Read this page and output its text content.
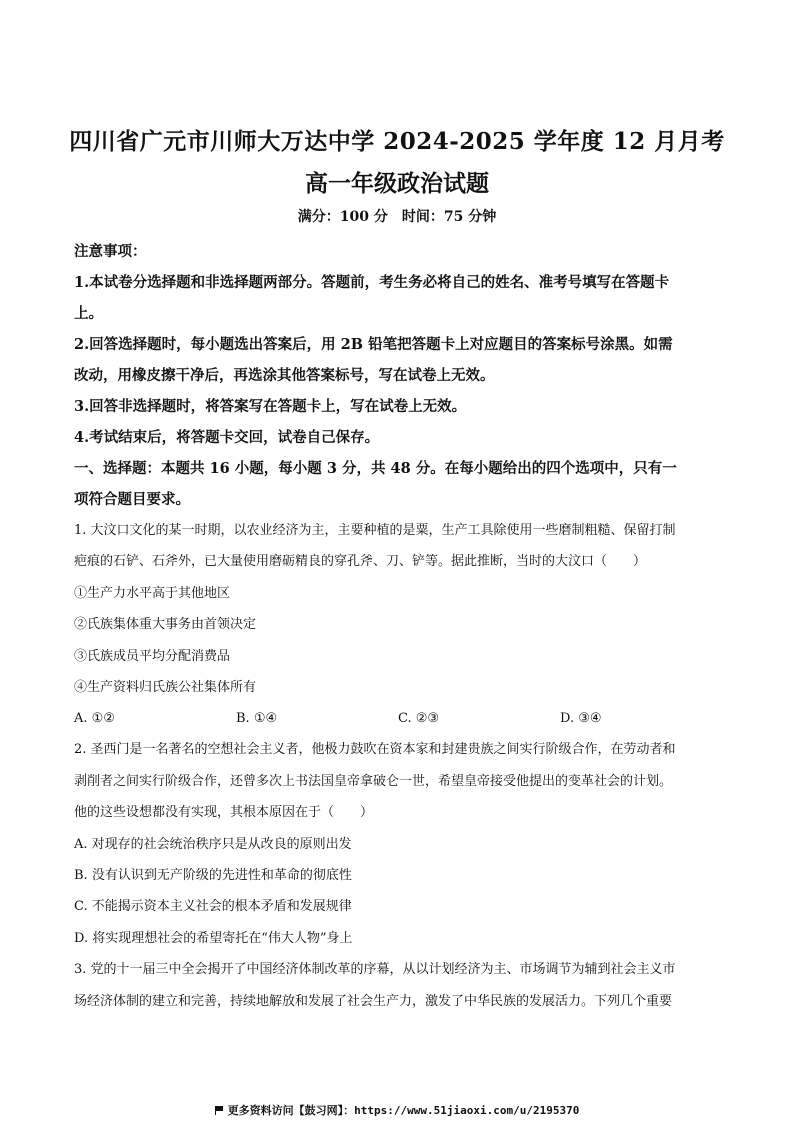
四川省广元市川师大万达中学 2024-2025 学年度 12 月月考
高一年级政治试题
满分：100 分　时间：75 分钟
注意事项：
1.本试卷分选择题和非选择题两部分。答题前，考生务必将自己的姓名、准考号填写在答题卡
上。
2.回答选择题时，每小题选出答案后，用 2B 铅笔把答题卡上对应题目的答案标号涂黑。如需
改动，用橡皮擦干净后，再选涂其他答案标号，写在试卷上无效。
3.回答非选择题时，将答案写在答题卡上，写在试卷上无效。
4.考试结束后，将答题卡交回，试卷自己保存。
一、选择题：本题共 16 小题，每小题 3 分，共 48 分。在每小题给出的四个选项中，只有一
项符合题目要求。
1. 大汶口文化的某一时期，以农业经济为主，主要种植的是粟，生产工具除使用一些磨制粗糙、保留打制
疤痕的石铲、石斧外，已大量使用磨砺精良的穿孔斧、刀、铲等。据此推断，当时的大汶口（　　）
①生产力水平高于其他地区
②氏族集体重大事务由首领决定
③氏族成员平均分配消费品
④生产资料归氏族公社集体所有
A. ①②	B. ①④	C. ②③	D. ③④
2. 圣西门是一名著名的空想社会主义者，他极力鼓吹在资本家和封建贵族之间实行阶级合作，在劳动者和
剥削者之间实行阶级合作，还曾多次上书法国皇帝拿破仑一世，希望皇帝接受他提出的变革社会的计划。
他的这些设想都没有实现，其根本原因在于（　　）
A. 对现存的社会统治秩序只是从改良的原则出发
B. 没有认识到无产阶级的先进性和革命的彻底性
C. 不能揭示资本主义社会的根本矛盾和发展规律
D. 将实现理想社会的希望寄托在“伟大人物”身上
3. 党的十一届三中全会揭开了中国经济体制改革的序幕，从以计划经济为主、市场调节为辅到社会主义市
场经济体制的建立和完善，持续地解放和发展了社会生产力，激发了中华民族的发展活力。下列几个重要
更多资料访问【鼓习网】：https://www.51jiaoxi.com/u/2195370
